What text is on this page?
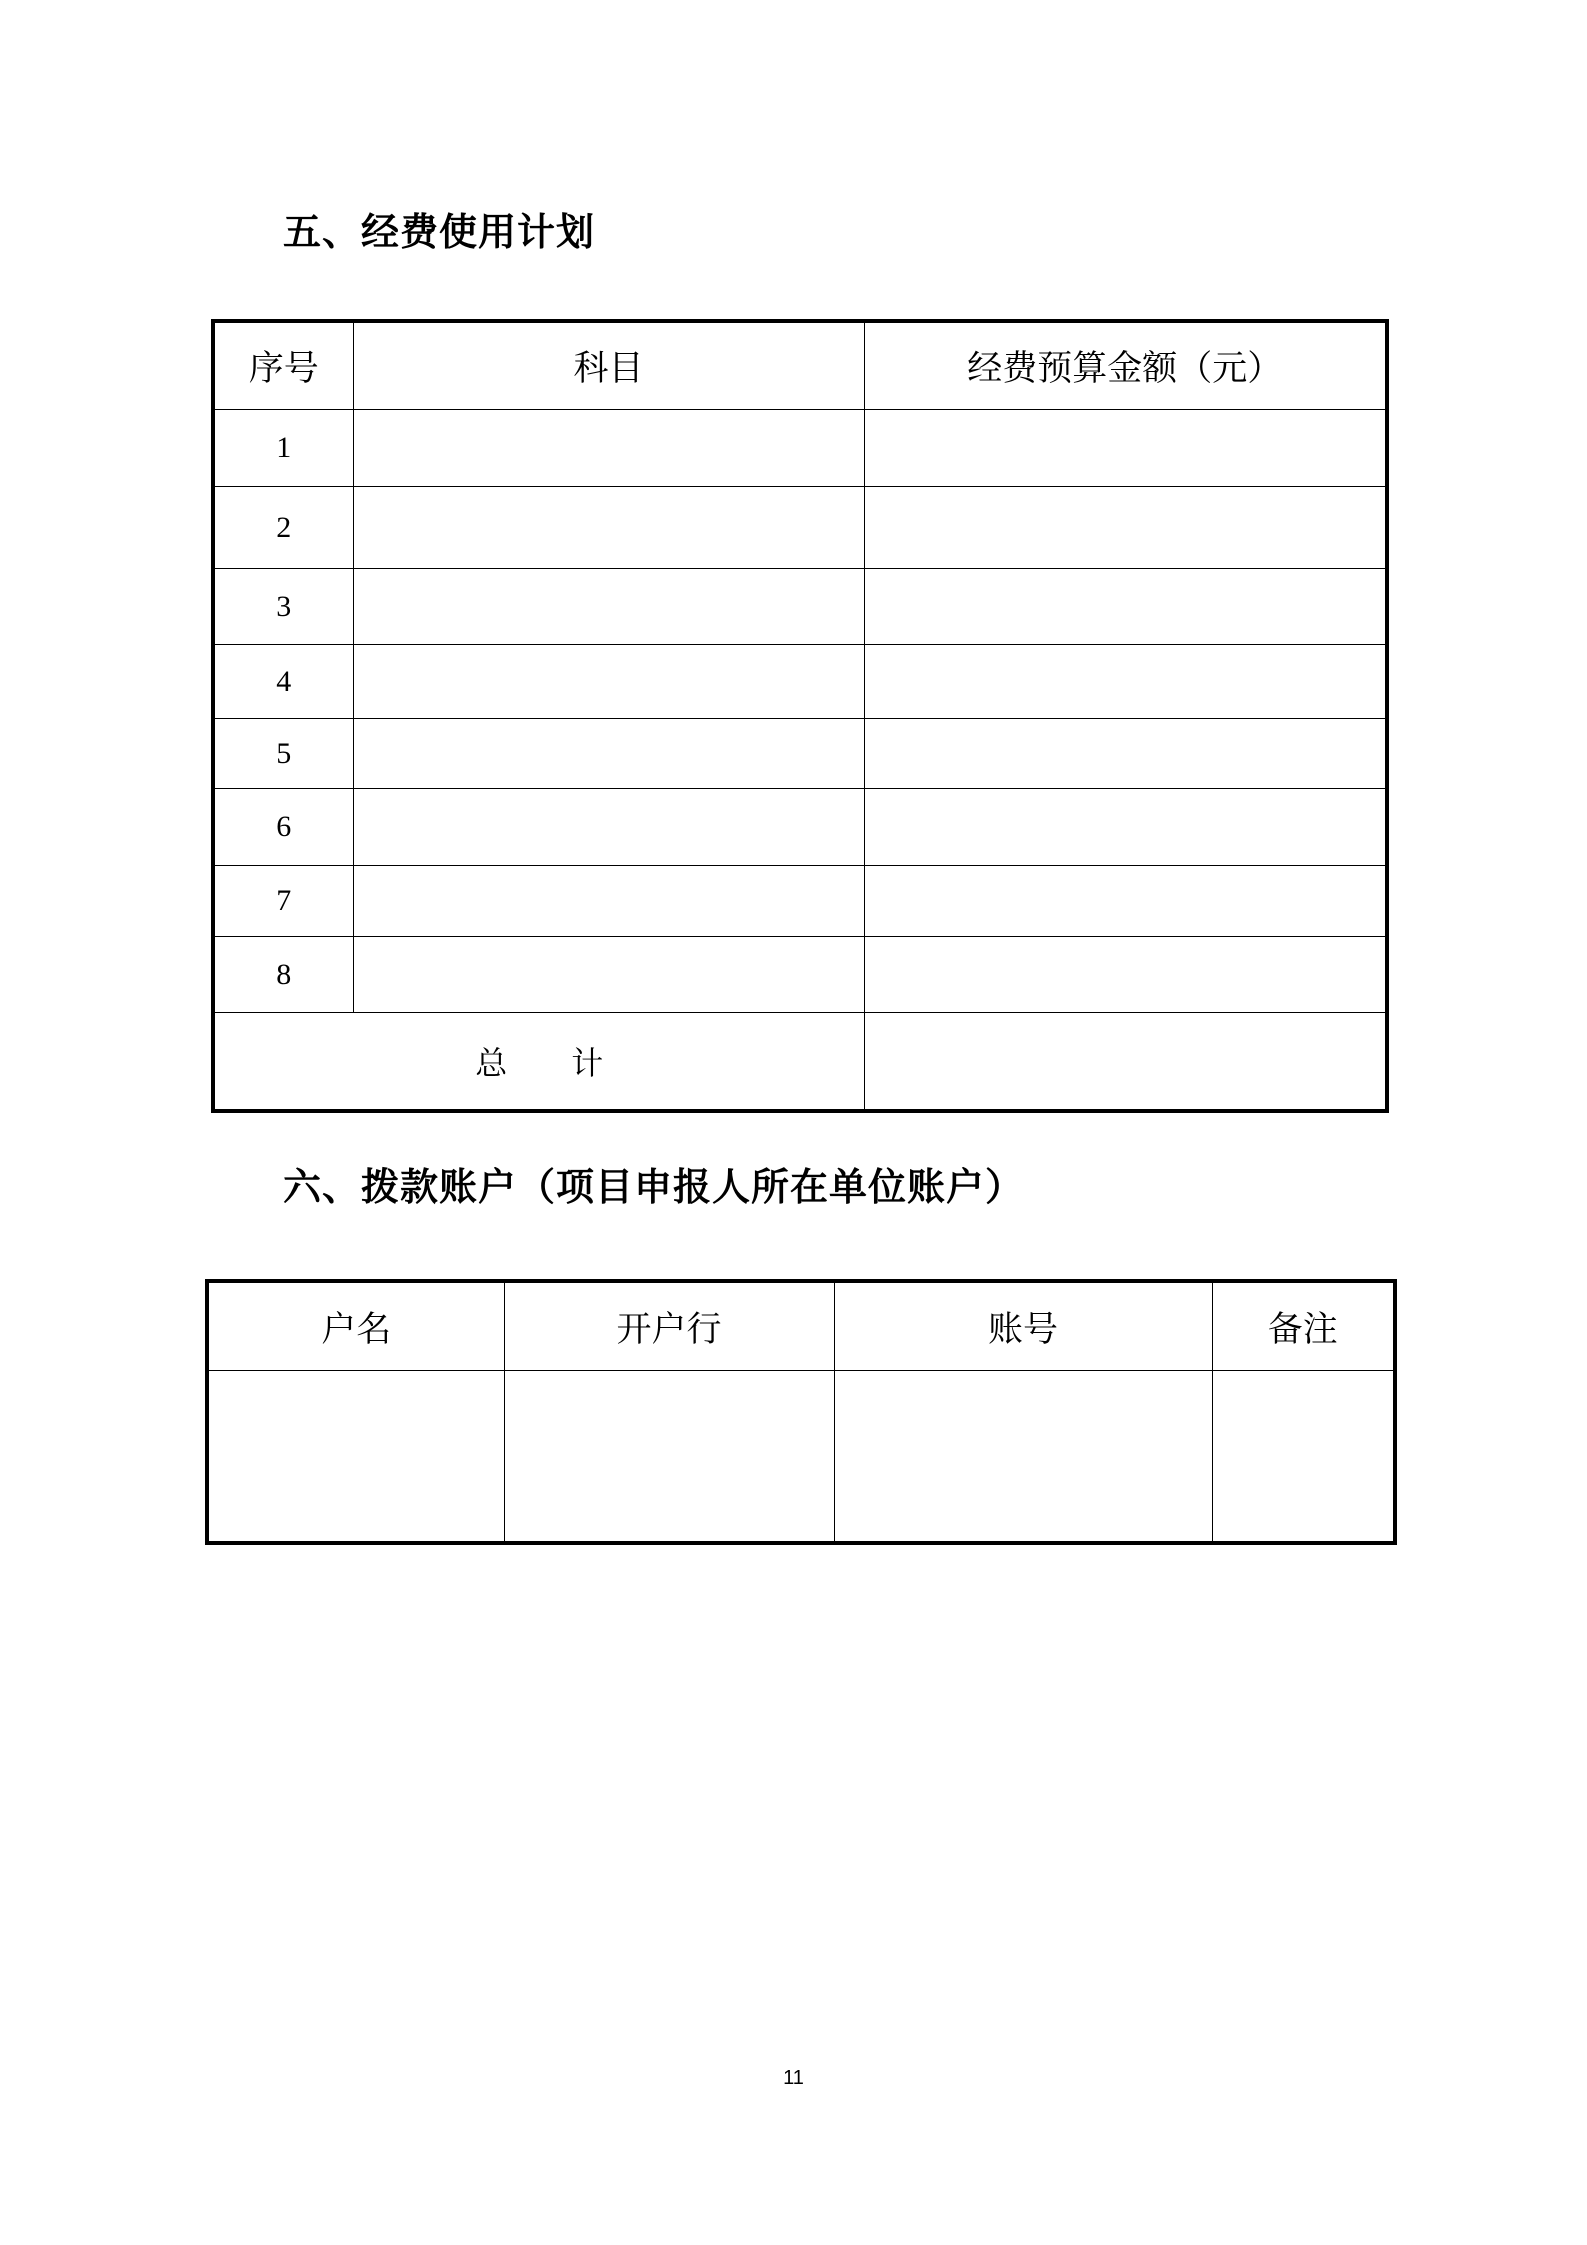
五、经费使用计划
序号	科目	经费预算金额（元）
1		
2		
3		
4		
5		
6		
7		
8		
总　　计		
六、拨款账户（项目申报人所在单位账户）
户名	开户行	账号	备注

11
